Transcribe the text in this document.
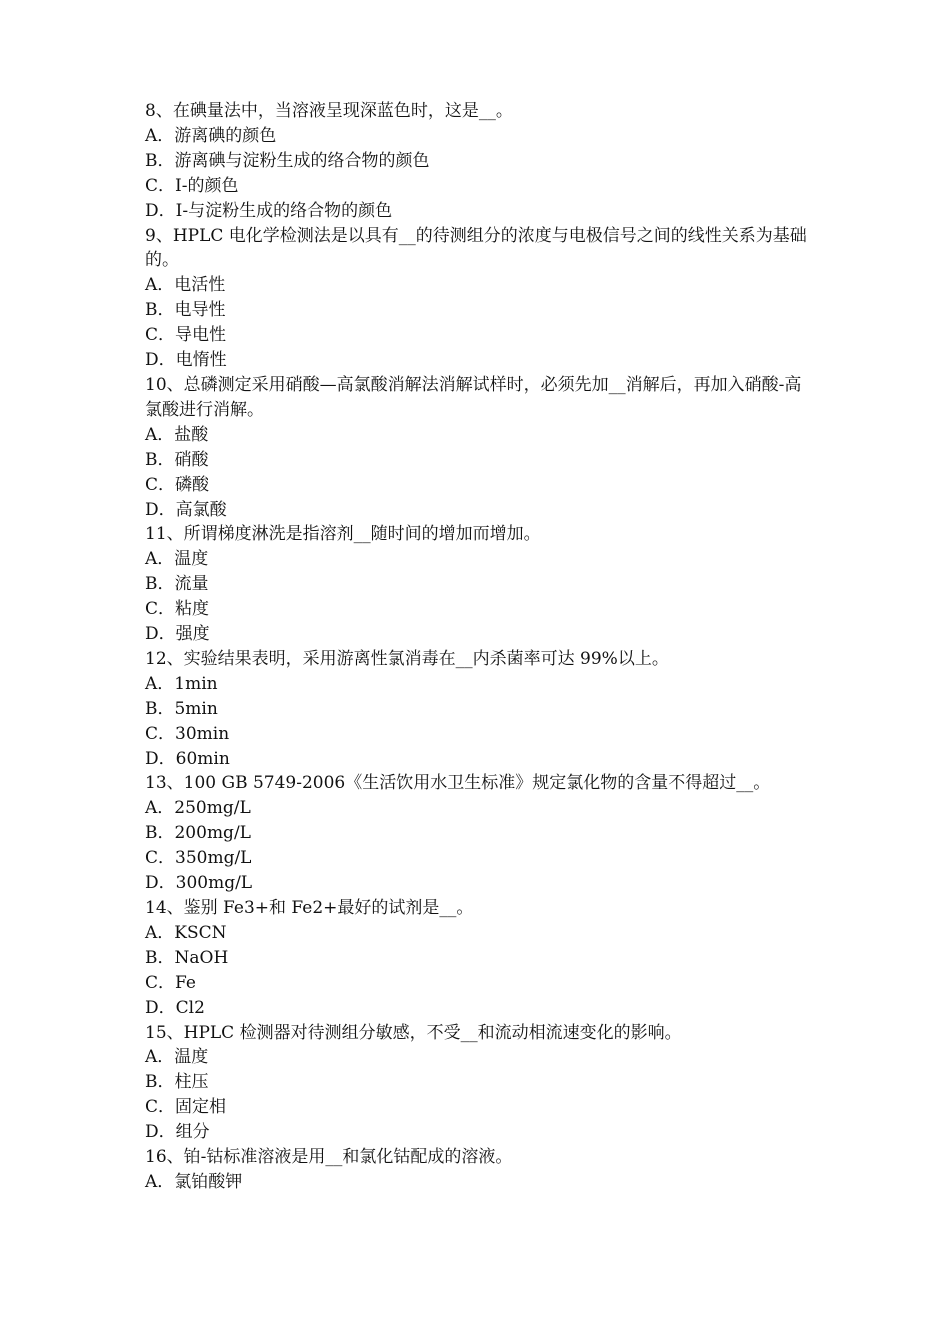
8、在碘量法中，当溶液呈现深蓝色时，这是__。
A．游离碘的颜色
B．游离碘与淀粉生成的络合物的颜色
C．I-的颜色
D．I-与淀粉生成的络合物的颜色
9、HPLC 电化学检测法是以具有__的待测组分的浓度与电极信号之间的线性关系为基础的。
A．电活性
B．电导性
C．导电性
D．电惰性
10、总磷测定采用硝酸—高氯酸消解法消解试样时，必须先加__消解后，再加入硝酸-高氯酸进行消解。
A．盐酸
B．硝酸
C．磷酸
D．高氯酸
11、所谓梯度淋洗是指溶剂__随时间的增加而增加。
A．温度
B．流量
C．粘度
D．强度
12、实验结果表明，采用游离性氯消毒在__内杀菌率可达 99%以上。
A．1min
B．5min
C．30min
D．60min
13、100 GB 5749-2006《生活饮用水卫生标准》规定氯化物的含量不得超过__。
A．250mg/L
B．200mg/L
C．350mg/L
D．300mg/L
14、鉴别 Fe3+和 Fe2+最好的试剂是__。
A．KSCN
B．NaOH
C．Fe
D．Cl2
15、HPLC 检测器对待测组分敏感，不受__和流动相流速变化的影响。
A．温度
B．柱压
C．固定相
D．组分
16、铂-钴标准溶液是用__和氯化钴配成的溶液。
A．氯铂酸钾
